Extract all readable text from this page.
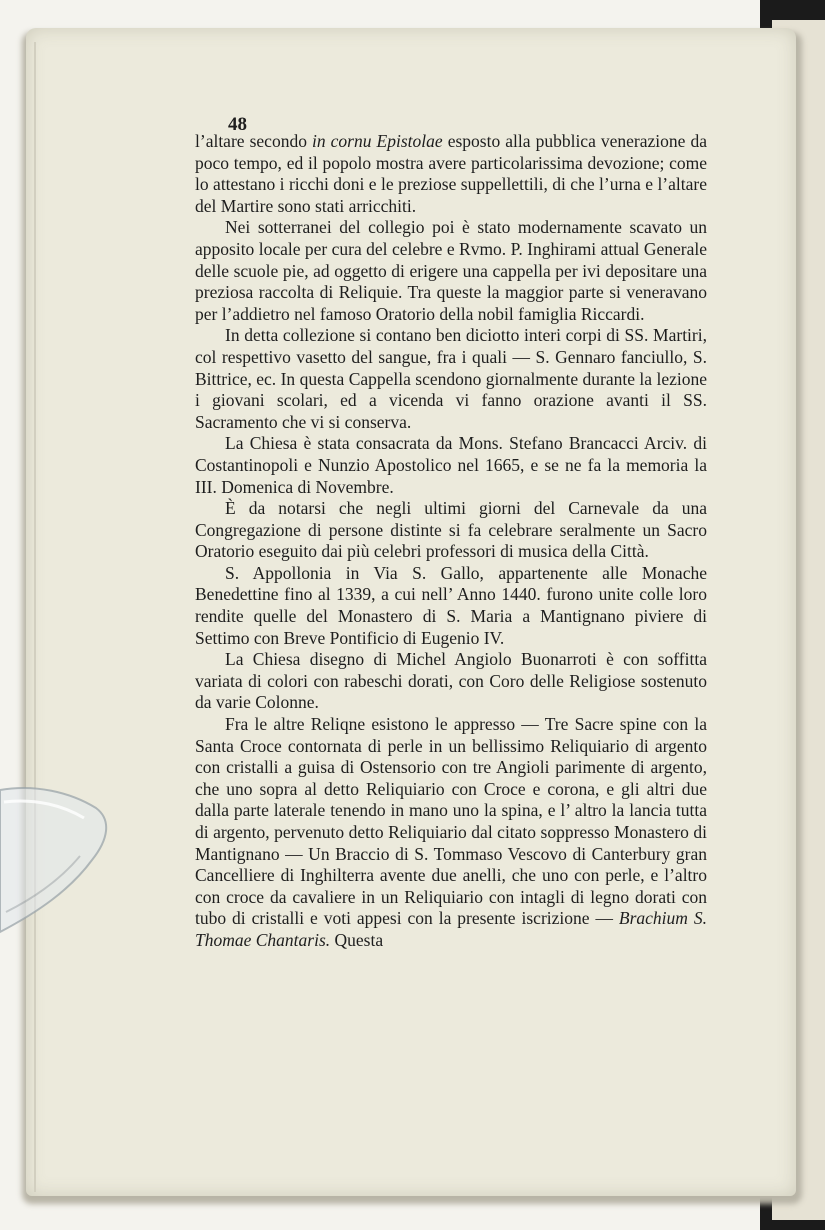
48

l’altare secondo in cornu Epistolae esposto alla pubblica venerazione da poco tempo, ed il popolo mostra avere particolarissima devozione; come lo attestano i ricchi doni e le preziose suppellettili, di che l’urna e l’altare del Martire sono stati arricchiti.

Nei sotterranei del collegio poi è stato modernamente scavato un apposito locale per cura del celebre e Rvmo. P. Inghirami attual Generale delle scuole pie, ad oggetto di erigere una cappella per ivi depositare una preziosa raccolta di Reliquie. Tra queste la maggior parte si veneravano per l’addietro nel famoso Oratorio della nobil famiglia Riccardi.

In detta collezione si contano ben diciotto interi corpi di SS. Martiri, col respettivo vasetto del sangue, fra i quali — S. Gennaro fanciullo, S. Bittrice, ec. In questa Cappella scendono giornalmente durante la lezione i giovani scolari, ed a vicenda vi fanno orazione avanti il SS. Sacramento che vi si conserva.

La Chiesa è stata consacrata da Mons. Stefano Brancacci Arciv. di Costantinopoli e Nunzio Apostolico nel 1665, e se ne fa la memoria la III. Domenica di Novembre.

È da notarsi che negli ultimi giorni del Carnevale da una Congregazione di persone distinte si fa celebrare seralmente un Sacro Oratorio eseguito dai più celebri professori di musica della Città.

S. Appollonia in Via S. Gallo, appartenente alle Monache Benedettine fino al 1339, a cui nell’ Anno 1440. furono unite colle loro rendite quelle del Monastero di S. Maria a Mantignano piviere di Settimo con Breve Pontificio di Eugenio IV.

La Chiesa disegno di Michel Angiolo Buonarroti è con soffitta variata di colori con rabeschi dorati, con Coro delle Religiose sostenuto da varie Colonne.

Fra le altre Reliqne esistono le appresso — Tre Sacre spine con la Santa Croce contornata di perle in un bellissimo Reliquiario di argento con cristalli a guisa di Ostensorio con tre Angioli parimente di argento, che uno sopra al detto Reliquiario con Croce e corona, e gli altri due dalla parte laterale tenendo in mano uno la spina, e l’ altro la lancia tutta di argento, pervenuto detto Reliquiario dal citato soppresso Monastero di Mantignano — Un Braccio di S. Tommaso Vescovo di Canterbury gran Cancelliere di Inghilterra avente due anelli, che uno con perle, e l’altro con croce da cavaliere in un Reliquiario con intagli di legno dorati con tubo di cristalli e voti appesi con la presente iscrizione — Brachium S. Thomae Chantaris. Questa
